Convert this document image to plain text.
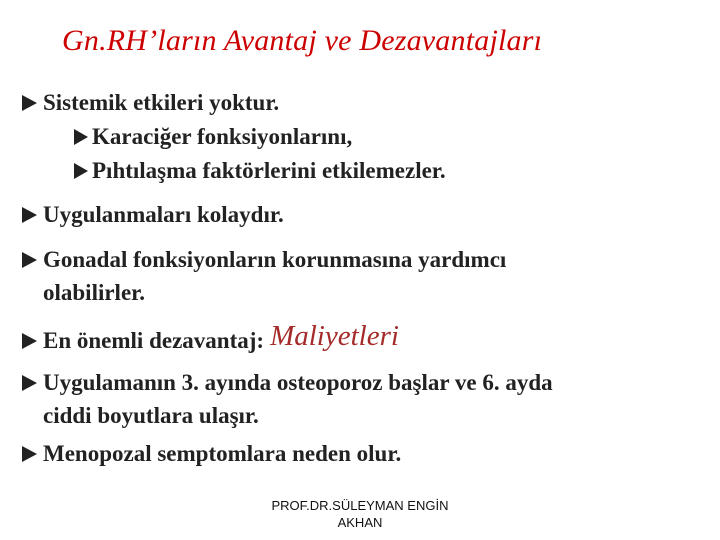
Gn.RH’ların Avantaj ve Dezavantajları
Sistemik etkileri yoktur.
Karaciğer fonksiyonlarını,
Pıhtılaşma faktörlerini etkilemezler.
Uygulanmaları kolaydır.
Gonadal fonksiyonların korunmasına yardımcı
olabilirler.
En önemli dezavantaj: Maliyetleri
Uygulamanın 3. ayında osteoporoz başlar ve 6. ayda
ciddi boyutlara ulaşır.
Menopozal semptomlara neden olur.
PROF.DR.SÜLEYMAN ENGİN
AKHAN
